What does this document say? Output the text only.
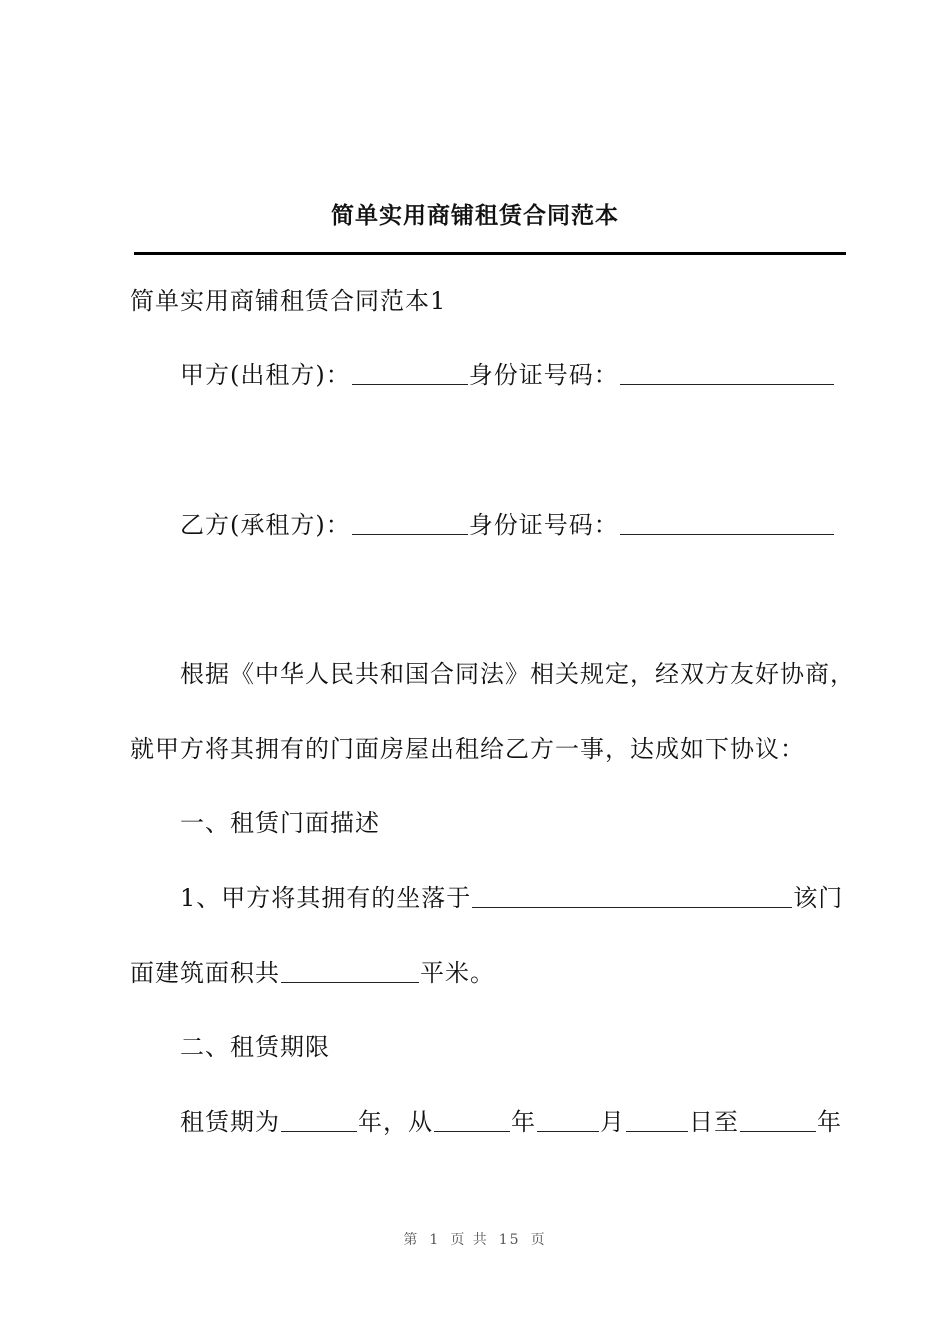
简单实用商铺租赁合同范本
简单实用商铺租赁合同范本1
甲方(出租方)：	身份证号码：
乙方(承租方)：	身份证号码：
根据《中华人民共和国合同法》相关规定，经双方友好协商，
就甲方将其拥有的门面房屋出租给乙方一事，达成如下协议：
一、租赁门面描述
1、甲方将其拥有的坐落于	该门
面建筑面积共	平米。
二、租赁期限
租赁期为	年，从	年	月	日至	年
第 1 页 共 15 页
